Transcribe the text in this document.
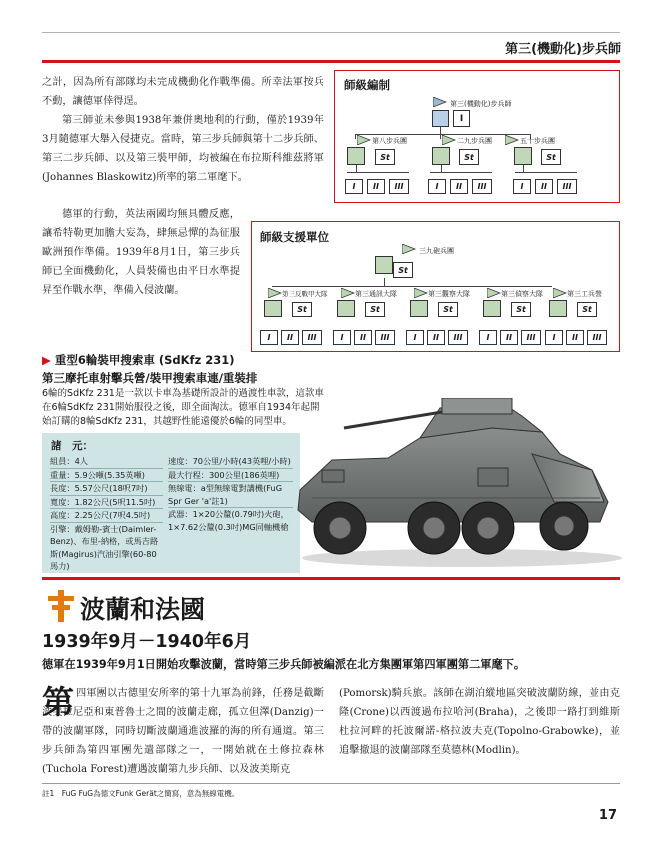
第三(機動化)步兵師

之計，因為所有部隊均未完成機動化作戰準備。所幸法軍按兵不動，讓德軍倖得逞。

第三師並未參與1938年兼併奧地利的行動，僅於1939年3月隨德軍大舉入侵捷克。當時，第三步兵師與第十二步兵師、第三二步兵師、以及第三裝甲師，均被編在布拉斯科維茲將軍(Johannes Blaskowitz)所率的第二軍麾下。

德軍的行動，英法兩國均無具體反應，讓希特勒更加膽大妄為，肆無忌憚的為征服歐洲預作準備。1939年8月1日，第三步兵師已全面機動化，人員裝備也由平日水準提昇至作戰水準，準備入侵波蘭。

師級編制
第三(機動化)步兵師
I
第八步兵團
St
I	II	III
二九步兵團
St
I	II	III
五十步兵團
St
I	II	III
師級支援單位
三九砲兵團
St
第三反戰甲大隊
St
I	II	III
第三通訊大隊
St
I	II	III
第三觀察大隊
St
I	II	III
第三偵察大隊
St
I	II	III
第三工兵營
St
I	II	III
▶ 重型6輪裝甲搜索車 (SdKfz 231)
第三摩托車射擊兵營/裝甲搜索車連/重裝排

6輪的SdKfz 231是一款以卡車為基礎所設計的過渡性車款，這款車在6輪SdKfz 231開始服役之後，即全面淘汰。德軍自1934年起開始訂購的8輪SdKfz 231，其越野性能遠優於6輪的同型車。

諸　元：
組員：4人
重量：5.9公噸(5.35英噸)
長度：5.57公尺(18呎7吋)
寬度：1.82公尺(5呎11.5吋)
高度：2.25公尺(7呎4.5吋)
引擎：戴姆勒-賓士(Daimler-Benz)、布里-納格，或馬吉路斯(Magirus)汽油引擎(60-80馬力)
速度：70公里/小時(43英哩/小時)
最大行程：300公里(186英哩)
無線電：a型無線電對講機(FuG Spr Ger 'a'註1)
武器：1×20公釐(0.79吋)火砲，1×7.62公釐(0.3吋)MG同軸機槍
波蘭和法國
1939年9月－1940年6月
德軍在1939年9月1日開始攻擊波蘭，當時第三步兵師被編派在北方集團軍第四軍團第二軍麾下。
第 四軍團以古德里安所率的第十九軍為前鋒，任務是截斷波美拉尼亞和東普魯士之間的波蘭走廊，孤立但澤(Danzig)一帶的波蘭軍隊，同時切斷波蘭通進波羅的海的所有通道。第三步兵師為第四軍團先遣部隊之一，一開始就在土修拉森林(Tuchola Forest)遭遇波蘭第九步兵師、以及波美斯克

(Pomorsk)騎兵旅。該師在湖泊縱地區突破波蘭防線，並由克隆(Crone)以西渡過布拉哈河(Braha)，之後即一路打到維斯杜拉河畔的托波爾諾-格拉波夫克(Topolno-Grabowke)，並追擊撤退的波蘭部隊至莫德林(Modlin)。

註1　FuG FuG為德文Funk Gerät之簡寫，意為無線電機。
17
